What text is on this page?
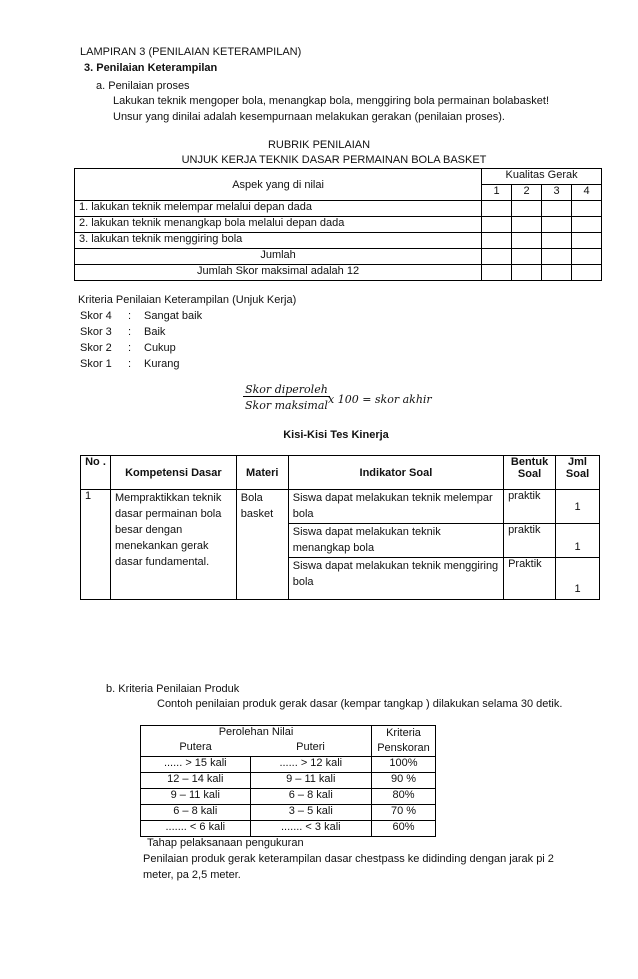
LAMPIRAN 3 (PENILAIAN KETERAMPILAN)
3. Penilaian Keterampilan
a. Penilaian proses
Lakukan teknik mengoper bola, menangkap bola, menggiring bola permainan bolabasket!
Unsur yang dinilai adalah kesempurnaan melakukan gerakan (penilaian proses).
RUBRIK PENILAIAN
UNJUK KERJA TEKNIK DASAR PERMAINAN BOLA BASKET
Aspek yang di nilai	Kualitas Gerak			
	1	2	3	4
1. lakukan teknik melempar melalui depan dada				
2. lakukan teknik menangkap bola melalui depan dada				
3. lakukan teknik menggiring bola				
Jumlah				
Jumlah Skor maksimal adalah 12				
Kriteria Penilaian Keterampilan (Unjuk Kerja)
Skor 4 : Sangat baik
Skor 3 : Baik
Skor 2 : Cukup
Skor 1 : Kurang
Skor diperoleh
Skor maksimal x 100 = skor akhir
Kisi-Kisi Tes Kinerja
No .	Kompetensi Dasar	Materi	Indikator Soal	Bentuk Soal	Jml Soal
1	Mempraktikkan teknik dasar permainan bola besar dengan menekankan gerak dasar fundamental.	Bola basket	Siswa dapat melakukan teknik melempar bola	praktik	1
			Siswa dapat melakukan teknik menangkap bola	praktik	1
			Siswa dapat melakukan teknik menggiring bola	Praktik	1
b. Kriteria Penilaian Produk
Contoh penilaian produk gerak dasar (kempar tangkap ) dilakukan selama 30 detik.
Perolehan Nilai		Kriteria Penskoran
Putera	Puteri	
...... > 15 kali	...... > 12 kali	100%
12 – 14 kali	9 – 11 kali	90 %
9 – 11 kali	6 – 8 kali	80%
6 – 8 kali	3 – 5 kali	70 %
....... < 6 kali	....... < 3 kali	60%
Tahap pelaksanaan pengukuran
Penilaian produk gerak keterampilan dasar chestpass ke didinding dengan jarak pi 2
meter, pa 2,5 meter.
